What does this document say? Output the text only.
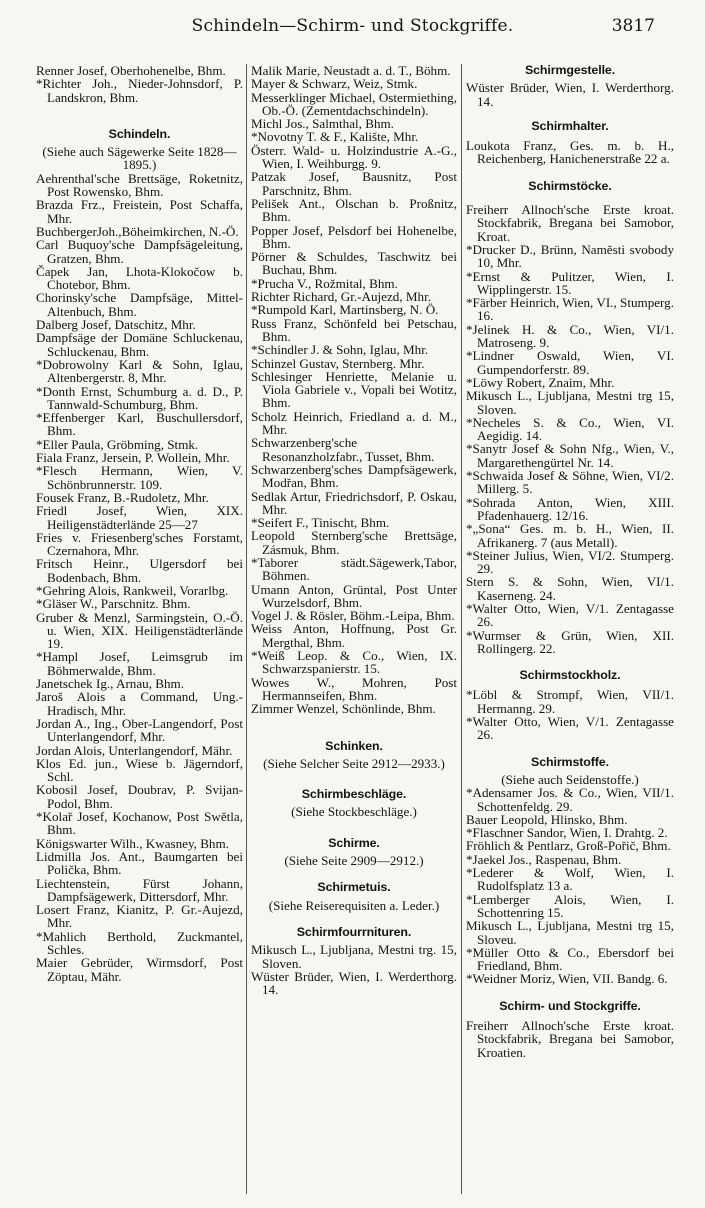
Schindeln—Schirm- und Stockgriffe.	3817

Renner Josef, Oberhohenelbe, Bhm.

*Richter Joh., Nieder-Johnsdorf, P. Landskron, Bhm.

Schindeln.

(Siehe auch Sägewerke Seite 1828—1895.)

Aehrenthal'sche Brettsäge, Roketnitz, Post Rowensko, Bhm.

Brazda Frz., Freistein, Post Schaffa, Mhr.

BuchbergerJoh.,Böheimkirchen, N.-Ö.

Carl Buquoy'sche Dampfsägeleitung, Gratzen, Bhm.

Čapek Jan, Lhota-Klokočow b. Chotebor, Bhm.

Chorinsky'sche Dampfsäge, Mittel-Altenbuch, Bhm.

Dalberg Josef, Datschitz, Mhr.

Dampfsäge der Domäne Schluckenau, Schluckenau, Bhm.

*Dobrowolny Karl & Sohn, Iglau, Altenbergerstr. 8, Mhr.

*Donth Ernst, Schumburg a. d. D., P. Tannwald-Schumburg, Bhm.

*Effenberger Karl, Buschullersdorf, Bhm.

*Eller Paula, Gröbming, Stmk.

Fiala Franz, Jersein, P. Wollein, Mhr.

*Flesch Hermann, Wien, V. Schönbrunnerstr. 109.

Fousek Franz, B.-Rudoletz, Mhr.

Friedl Josef, Wien, XIX. Heiligenstädterlände 25—27

Fries v. Friesenberg'sches Forstamt, Czernahora, Mhr.

Fritsch Heinr., Ulgersdorf bei Bodenbach, Bhm.

*Gehring Alois, Rankweil, Vorarlbg.

*Gläser W., Parschnitz. Bhm.

Gruber & Menzl, Sarmingstein, O.-Ö. u. Wien, XIX. Heiligenstädterlände 19.

*Hampl Josef, Leimsgrub im Böhmerwalde, Bhm.

Janetschek Ig., Arnau, Bhm.

Jaroš Alois a Command, Ung.-Hradisch, Mhr.

Jordan A., Ing., Ober-Langendorf, Post Unterlangendorf, Mhr.

Jordan Alois, Unterlangendorf, Mähr.

Klos Ed. jun., Wiese b. Jägerndorf, Schl.

Kobosil Josef, Doubrav, P. Svijan-Podol, Bhm.

*Kolař Josef, Kochanow, Post Swětla, Bhm.

Königswarter Wilh., Kwasney, Bhm.

Lidmilla Jos. Ant., Baumgarten bei Polička, Bhm.

Liechtenstein, Fürst Johann, Dampfsägewerk, Dittersdorf, Mhr.

Losert Franz, Kianitz, P. Gr.-Aujezd, Mhr.

*Mahlich Berthold, Zuckmantel, Schles.

Maier Gebrüder, Wirmsdorf, Post Zöptau, Mähr.

Malik Marie, Neustadt a. d. T., Böhm.

Mayer & Schwarz, Weiz, Stmk.

Messerklinger Michael, Ostermiething, Ob.-Ö. (Zementdachschindeln).

Michl Jos., Salmthal, Bhm.

*Novotny T. & F., Kalište, Mhr.

Österr. Wald- u. Holzindustrie A.-G., Wien, I. Weihburgg. 9.

Patzak Josef, Bausnitz, Post Parschnitz, Bhm.

Pelišek Ant., Olschan b. Proßnitz, Bhm.

Popper Josef, Pelsdorf bei Hohenelbe, Bhm.

Pörner & Schuldes, Taschwitz bei Buchau, Bhm.

*Prucha V., Rožmital, Bhm.

Richter Richard, Gr.-Aujezd, Mhr.

*Rumpold Karl, Martinsberg, N. Ö.

Russ Franz, Schönfeld bei Petschau, Bhm.

*Schindler J. & Sohn, Iglau, Mhr.

Schinzel Gustav, Sternberg. Mhr.

Schlesinger Henriette, Melanie u. Viola Gabriele v., Vopali bei Wotitz, Bhm.

Scholz Heinrich, Friedland a. d. M., Mhr.

Schwarzenberg'sche Resonanzholzfabr., Tusset, Bhm.

Schwarzenberg'sches Dampfsägewerk, Modřan, Bhm.

Sedlak Artur, Friedrichsdorf, P. Oskau, Mhr.

*Seifert F., Tinischt, Bhm.

Leopold Sternberg'sche Brettsäge, Zásmuk, Bhm.

*Taborer städt.Sägewerk,Tabor, Böhmen.

Umann Anton, Grüntal, Post Unter Wurzelsdorf, Bhm.

Vogel J. & Rösler, Böhm.-Leipa, Bhm.

Weiss Anton, Hoffnung, Post Gr. Mergthal, Bhm.

*Weiß Leop. & Co., Wien, IX. Schwarzspanierstr. 15.

Wowes W., Mohren, Post Hermannseifen, Bhm.

Zimmer Wenzel, Schönlinde, Bhm.

Schinken.

(Siehe Selcher Seite 2912—2933.)

Schirmbeschläge.

(Siehe Stockbeschläge.)

Schirme.

(Siehe Seite 2909—2912.)

Schirmetuis.

(Siehe Reiserequisiten a. Leder.)

Schirmfourrnituren.

Mikusch L., Ljubljana, Mestni trg. 15, Sloven.

Wüster Brüder, Wien, I. Werderthorg. 14.

Schirmgestelle.

Wüster Brüder, Wien, I. Werderthorg. 14.

Schirmhalter.

Loukota Franz, Ges. m. b. H., Reichenberg, Hanichenerstraße 22 a.

Schirmstöcke.

Freiherr Allnoch'sche Erste kroat. Stockfabrik, Bregana bei Samobor, Kroat.

*Drucker D., Brünn, Naměsti svobody 10, Mhr.

*Ernst & Pulitzer, Wien, I. Wipplingerstr. 15.

*Färber Heinrich, Wien, VI., Stumperg. 16.

*Jelinek H. & Co., Wien, VI/1. Matroseng. 9.

*Lindner Oswald, Wien, VI. Gumpendorferstr. 89.

*Löwy Robert, Znaim, Mhr.

Mikusch L., Ljubljana, Mestni trg 15, Sloven.

*Necheles S. & Co., Wien, VI. Aegidig. 14.

*Sanytr Josef & Sohn Nfg., Wien, V., Margarethengürtel Nr. 14.

*Schwaida Josef & Söhne, Wien, VI/2. Millerg. 5.

*Sohrada Anton, Wien, XIII. Pfadenhauerg. 12/16.

*„Sona“ Ges. m. b. H., Wien, II. Afrikanerg. 7 (aus Metall).

*Steiner Julius, Wien, VI/2. Stumperg. 29.

Stern S. & Sohn, Wien, VI/1. Kaserneng. 24.

*Walter Otto, Wien, V/1. Zentagasse 26.

*Wurmser & Grün, Wien, XII. Rollingerg. 22.

Schirmstockholz.

*Löbl & Strompf, Wien, VII/1. Hermanng. 29.

*Walter Otto, Wien, V/1. Zentagasse 26.

Schirmstoffe.

(Siehe auch Seidenstoffe.)

*Adensamer Jos. & Co., Wien, VII/1. Schottenfeldg. 29.

Bauer Leopold, Hlinsko, Bhm.

*Flaschner Sandor, Wien, I. Drahtg. 2.

Fröhlich & Pentlarz, Groß-Pořič, Bhm.

*Jaekel Jos., Raspenau, Bhm.

*Lederer & Wolf, Wien, I. Rudolfsplatz 13 a.

*Lemberger Alois, Wien, I. Schottenring 15.

Mikusch L., Ljubljana, Mestni trg 15, Sloveu.

*Müller Otto & Co., Ebersdorf bei Friedland, Bhm.

*Weidner Moriz, Wien, VII. Bandg. 6.

Schirm- und Stockgriffe.

Freiherr Allnoch'sche Erste kroat. Stockfabrik, Bregana bei Samobor, Kroatien.
